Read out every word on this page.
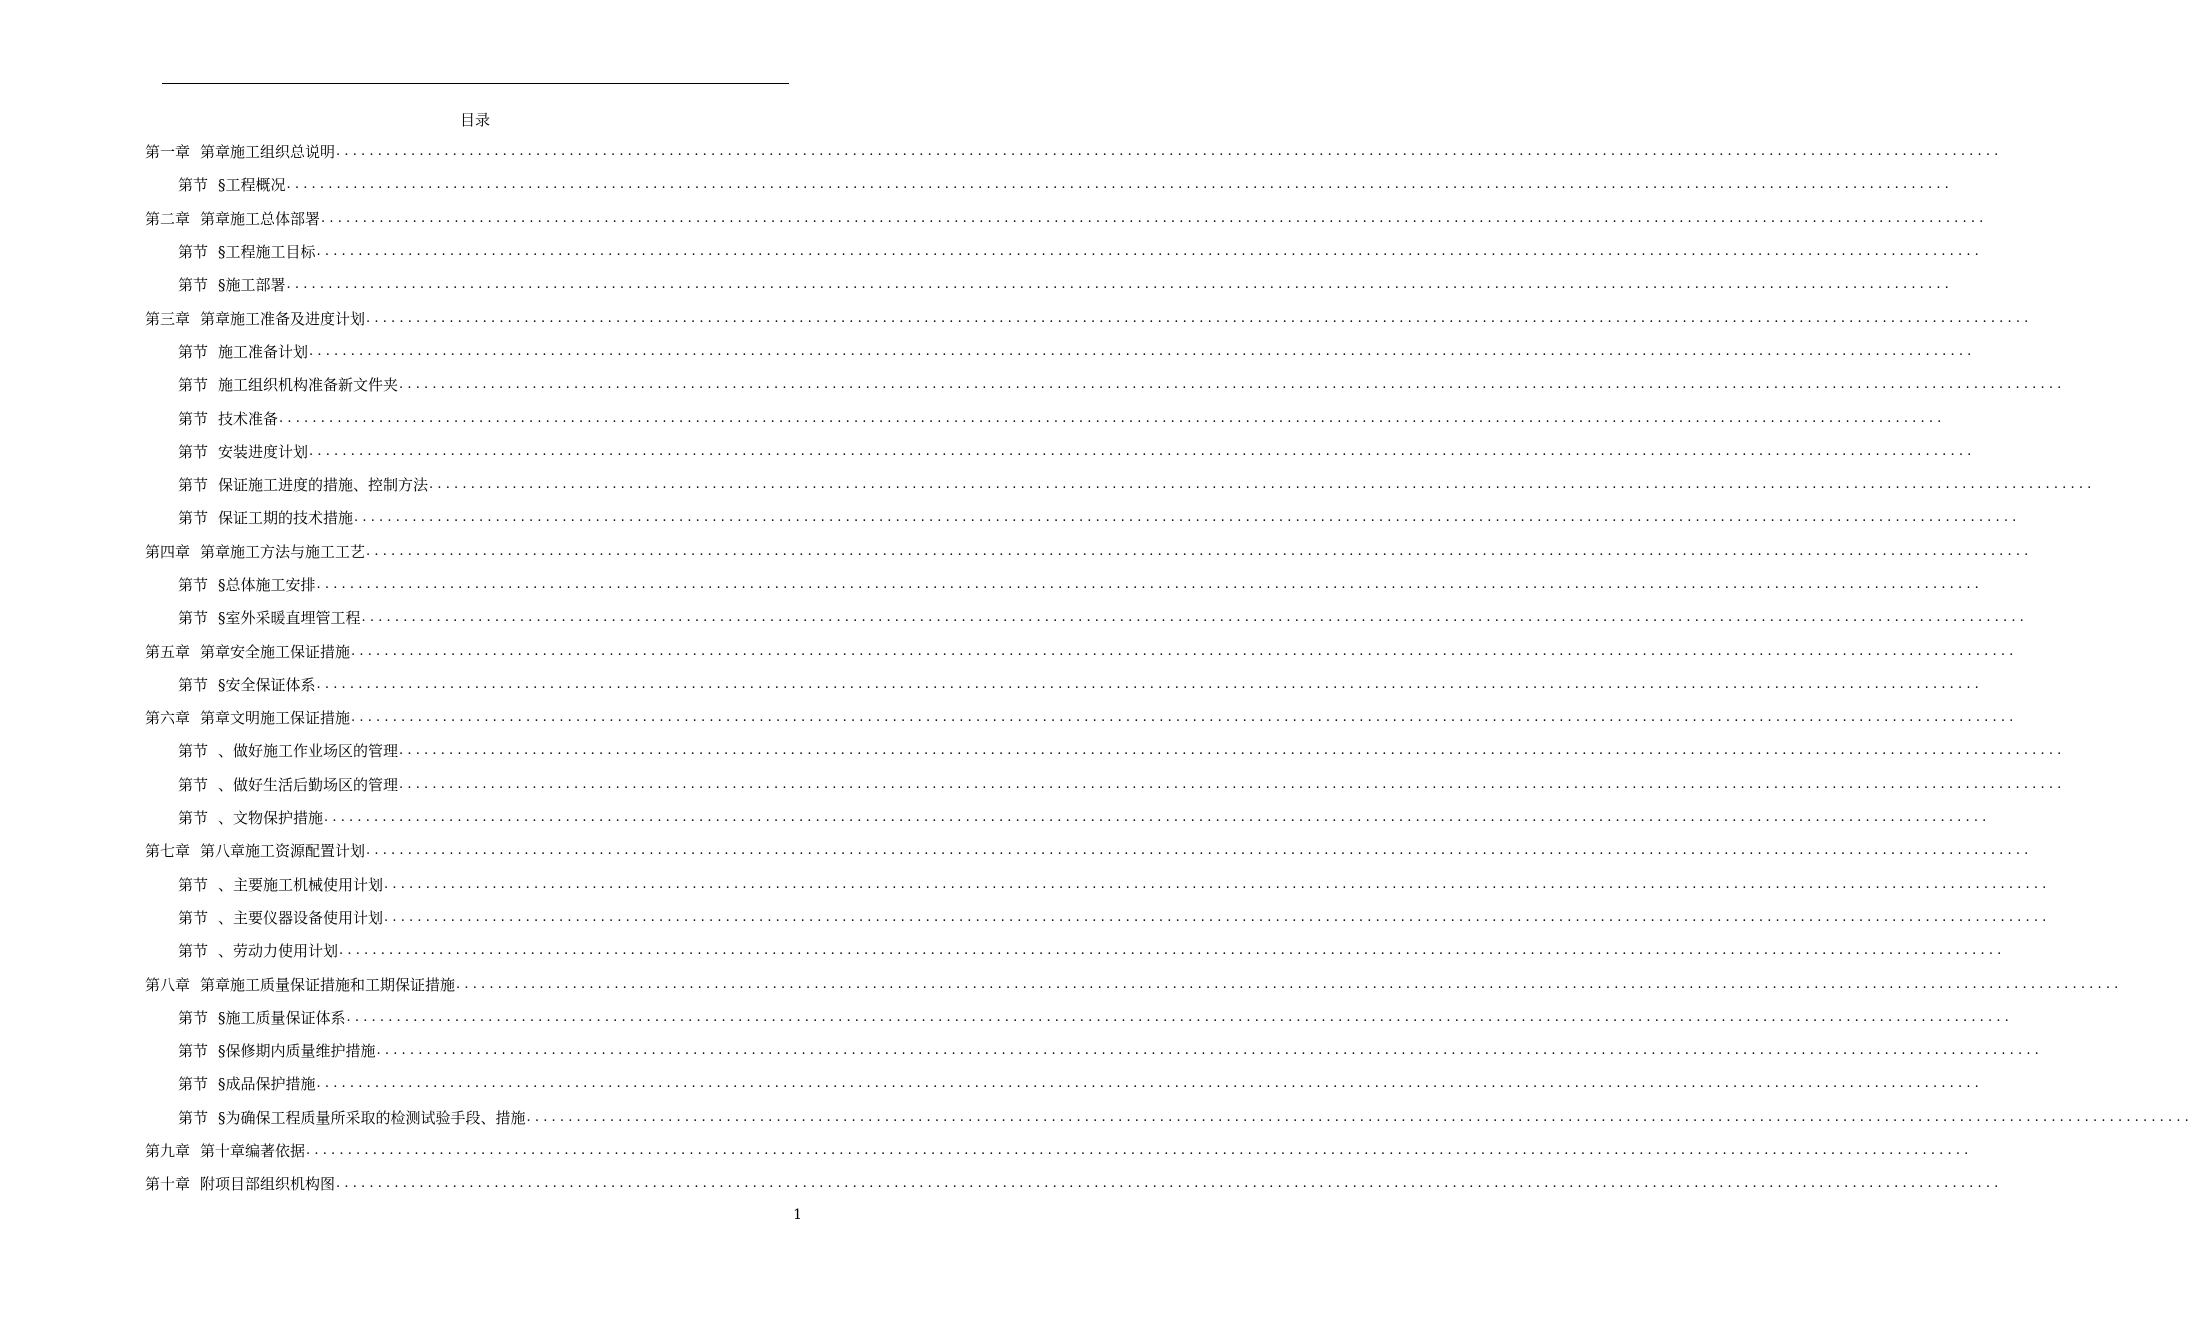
目录
第一章 第章施工组织总说明 ........................................................................................................................................................................................................
第节 §工程概况 ........................................................................................................................................................................................................
第二章 第章施工总体部署 ........................................................................................................................................................................................................
第节 §工程施工目标 ........................................................................................................................................................................................................
第节 §施工部署 ........................................................................................................................................................................................................
第三章 第章施工准备及进度计划 ........................................................................................................................................................................................................
第节 施工准备计划 ........................................................................................................................................................................................................
第节 施工组织机构准备新文件夹 ........................................................................................................................................................................................................
第节 技术准备 ........................................................................................................................................................................................................
第节 安装进度计划 ........................................................................................................................................................................................................
第节 保证施工进度的措施、控制方法 ........................................................................................................................................................................................................
第节 保证工期的技术措施 ........................................................................................................................................................................................................
第四章 第章施工方法与施工工艺 ........................................................................................................................................................................................................
第节 §总体施工安排 ........................................................................................................................................................................................................
第节 §室外采暖直埋管工程 ........................................................................................................................................................................................................
第五章 第章安全施工保证措施 ........................................................................................................................................................................................................
第节 §安全保证体系 ........................................................................................................................................................................................................
第六章 第章文明施工保证措施 ........................................................................................................................................................................................................
第节 、做好施工作业场区的管理 ........................................................................................................................................................................................................
第节 、做好生活后勤场区的管理 ........................................................................................................................................................................................................
第节 、文物保护措施 ........................................................................................................................................................................................................
第七章 第八章施工资源配置计划 ........................................................................................................................................................................................................
第节 、主要施工机械使用计划 ........................................................................................................................................................................................................
第节 、主要仪器设备使用计划 ........................................................................................................................................................................................................
第节 、劳动力使用计划 ........................................................................................................................................................................................................
第八章 第章施工质量保证措施和工期保证措施 ........................................................................................................................................................................................................
第节 §施工质量保证体系 ........................................................................................................................................................................................................
第节 §保修期内质量维护措施 ........................................................................................................................................................................................................
第节 §成品保护措施 ........................................................................................................................................................................................................
第节 §为确保工程质量所采取的检测试验手段、措施 ........................................................................................................................................................................................................
第九章 第十章编著依据 ........................................................................................................................................................................................................
第十章 附项目部组织机构图 ........................................................................................................................................................................................................
1
